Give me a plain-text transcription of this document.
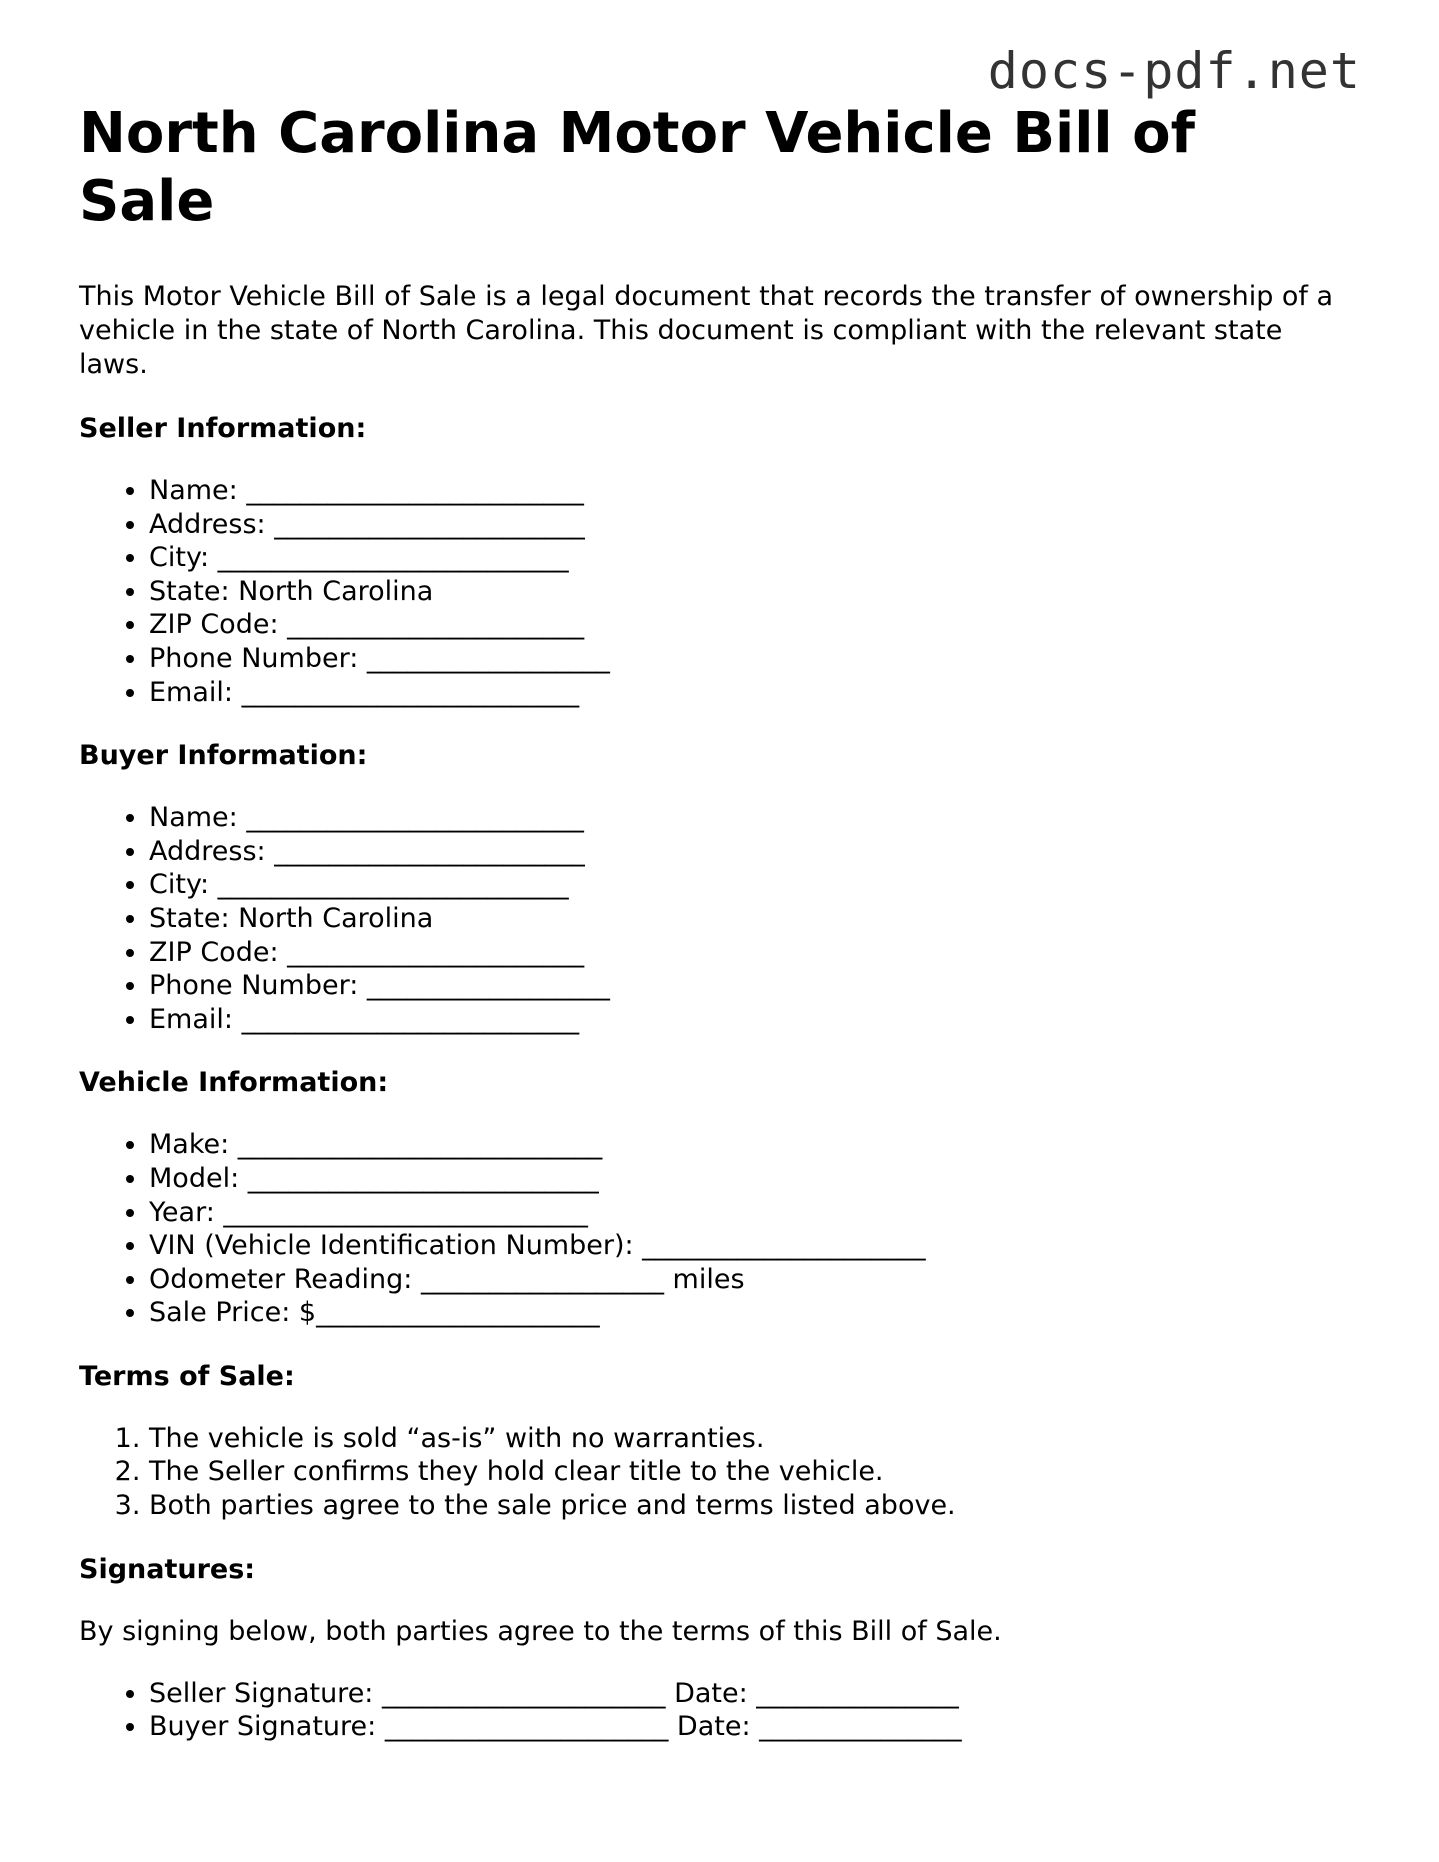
docs-pdf.net
North Carolina Motor Vehicle Bill of Sale

This Motor Vehicle Bill of Sale is a legal document that records the transfer of ownership of a vehicle in the state of North Carolina. This document is compliant with the relevant state laws.

Seller Information:
• Name: _________________________
• Address: _______________________
• City: __________________________
• State: North Carolina
• ZIP Code: ______________________
• Phone Number: __________________
• Email: _________________________
Buyer Information:
• Name: _________________________
• Address: _______________________
• City: __________________________
• State: North Carolina
• ZIP Code: ______________________
• Phone Number: __________________
• Email: _________________________
Vehicle Information:
• Make: ___________________________
• Model: __________________________
• Year: ___________________________
• VIN (Vehicle Identification Number): _____________________
• Odometer Reading: __________________ miles
• Sale Price: $_____________________
Terms of Sale:
1. The vehicle is sold “as-is” with no warranties.
2. The Seller confirms they hold clear title to the vehicle.
3. Both parties agree to the sale price and terms listed above.
Signatures:

By signing below, both parties agree to the terms of this Bill of Sale.

• Seller Signature: _____________________ Date: _______________
• Buyer Signature: _____________________ Date: _______________
